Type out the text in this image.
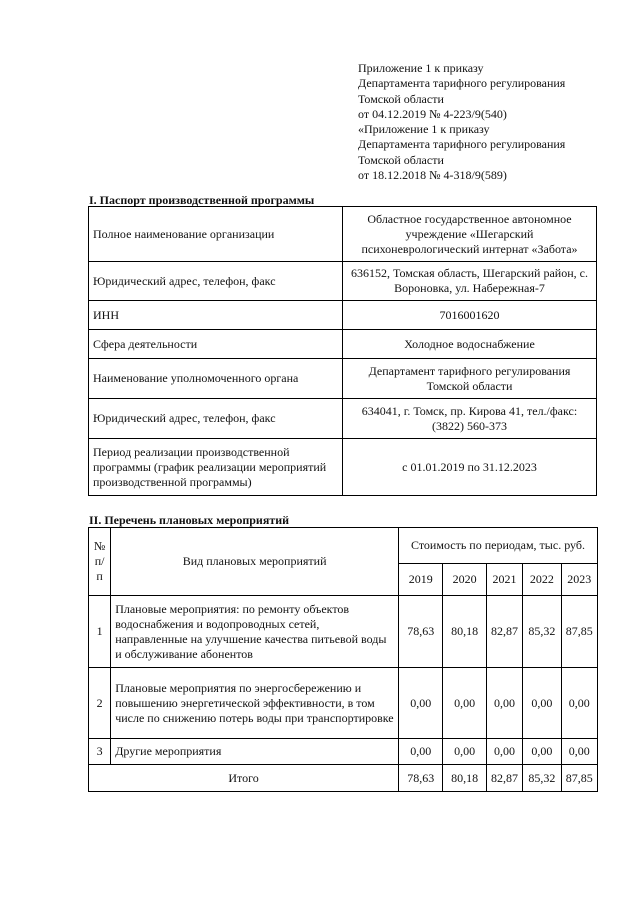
Приложение 1 к приказу
Департамента тарифного регулирования
Томской области
от 04.12.2019 № 4-223/9(540)
«Приложение 1 к приказу
Департамента тарифного регулирования
Томской области
от 18.12.2018 № 4-318/9(589)
I. Паспорт производственной программы
Полное наименование организации	Областное государственное автономное учреждение «Шегарский психоневрологический интернат «Забота»
Юридический адрес, телефон, факс	636152, Томская область, Шегарский район, с. Вороновка, ул. Набережная-7
ИНН	7016001620
Сфера деятельности	Холодное водоснабжение
Наименование уполномоченного органа	Департамент тарифного регулирования Томской области
Юридический адрес, телефон, факс	634041, г. Томск, пр. Кирова 41, тел./факс: (3822) 560-373
Период реализации производственной программы (график реализации мероприятий производственной программы)	с 01.01.2019 по 31.12.2023
II. Перечень плановых мероприятий
№ п/п	Вид плановых мероприятий	Стоимость по периодам, тыс. руб.				
		2019	2020	2021	2022	2023
1	Плановые мероприятия: по ремонту объектов водоснабжения и водопроводных сетей, направленные на улучшение качества питьевой воды и обслуживание абонентов	78,63	80,18	82,87	85,32	87,85
2	Плановые мероприятия по энергосбережению и повышению энергетической эффективности, в том числе по снижению потерь воды при транспортировке	0,00	0,00	0,00	0,00	0,00
3	Другие мероприятия	0,00	0,00	0,00	0,00	0,00
Итого		78,63	80,18	82,87	85,32	87,85
